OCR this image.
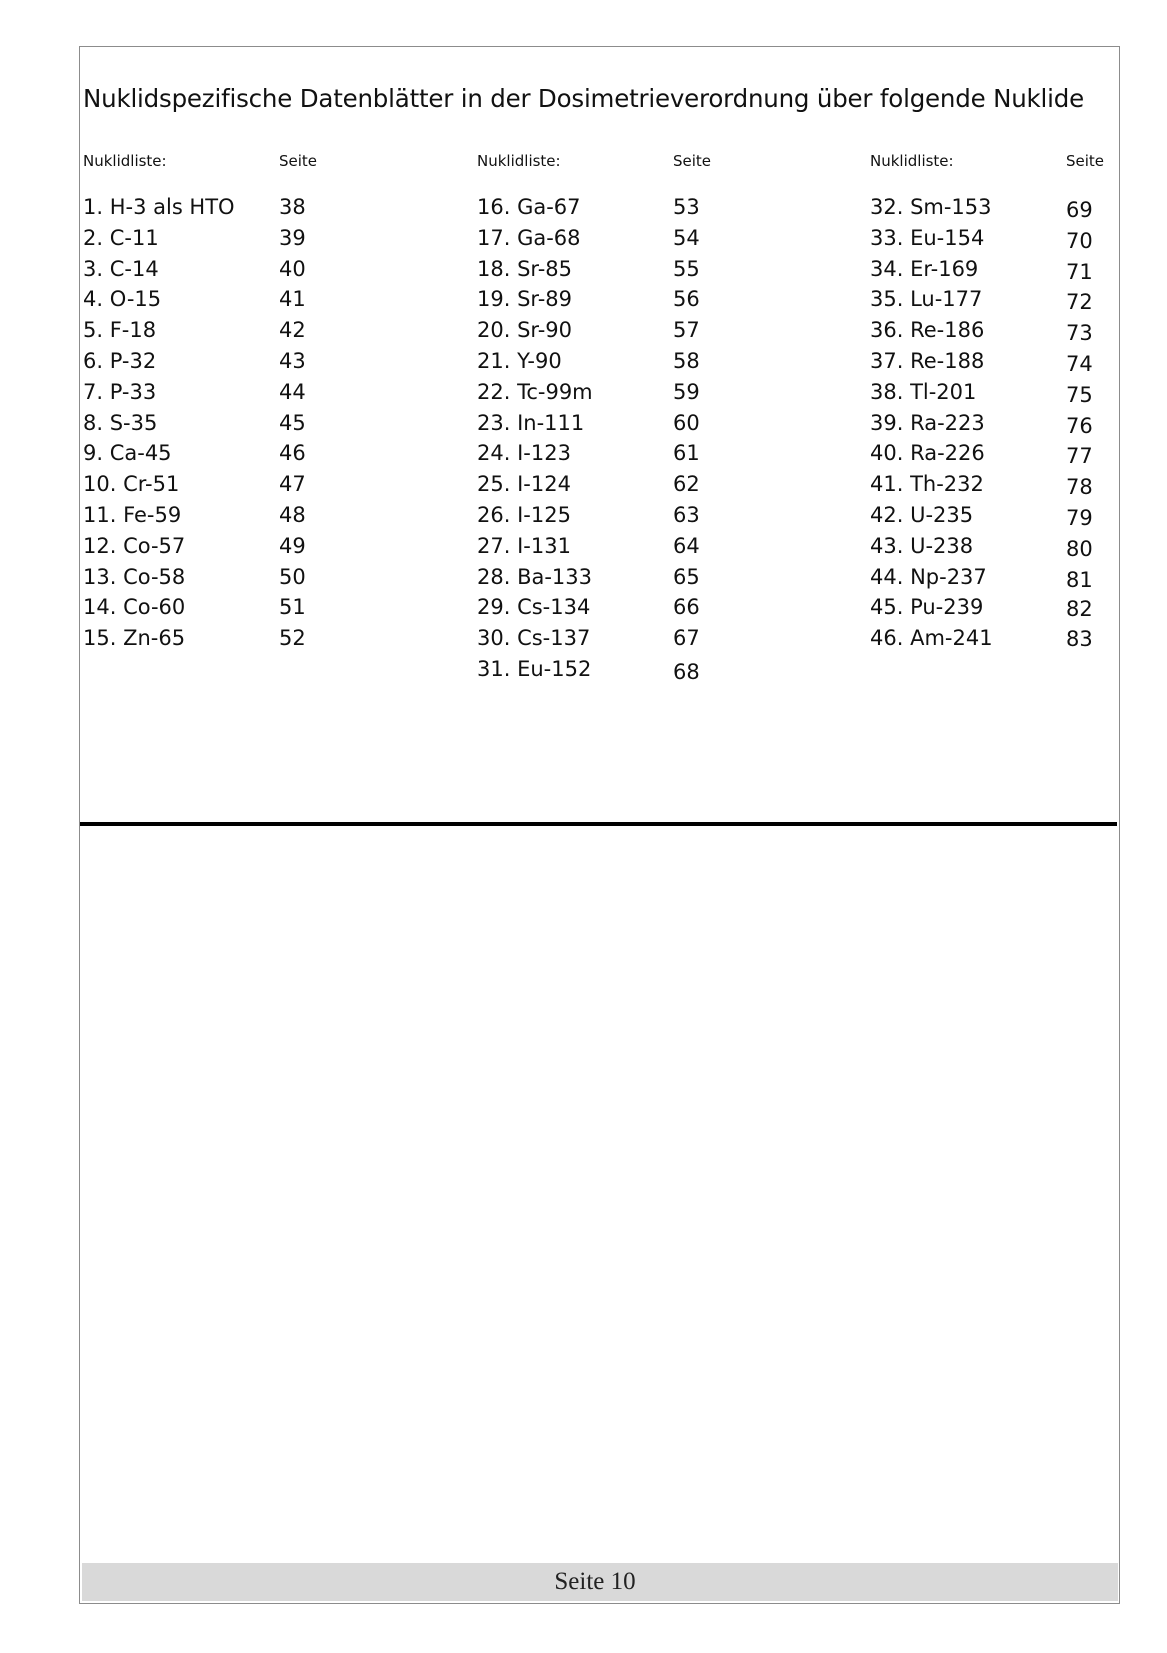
Nuklidspezifische Datenblätter in der Dosimetrieverordnung über folgende Nuklide
Nuklidliste:	Seite
1. H-3 als HTO 38
2. C-11	39
3. C-14	40
4. O-15	41
5. F-18	42
6. P-32	43
7. P-33	44
8. S-35	45
9. Ca-45	46
10. Cr-51	47
11. Fe-59	48
12. Co-57	49
13. Co-58	50
14. Co-60	51
15. Zn-65	52
Nuklidliste:	Seite
16. Ga-67	53
17. Ga-68	54
18. Sr-85	55
19. Sr-89	56
20. Sr-90	57
21. Y-90	58
22. Tc-99m	59
23. In-111	60
24. I-123	61
25. I-124	62
26. I-125	63
27. I-131	64
28. Ba-133	65
29. Cs-134	66
30. Cs-137	67
31. Eu-152	68
Nuklidliste:	Seite
32. Sm-153	69
33. Eu-154	70
34. Er-169	71
35. Lu-177	72
36. Re-186	73
37. Re-188	74
38. Tl-201	75
39. Ra-223	76
40. Ra-226	77
41. Th-232	78
42. U-235	79
43. U-238	80
44. Np-237	81
45. Pu-239	82
46. Am-241	83
Seite 10
